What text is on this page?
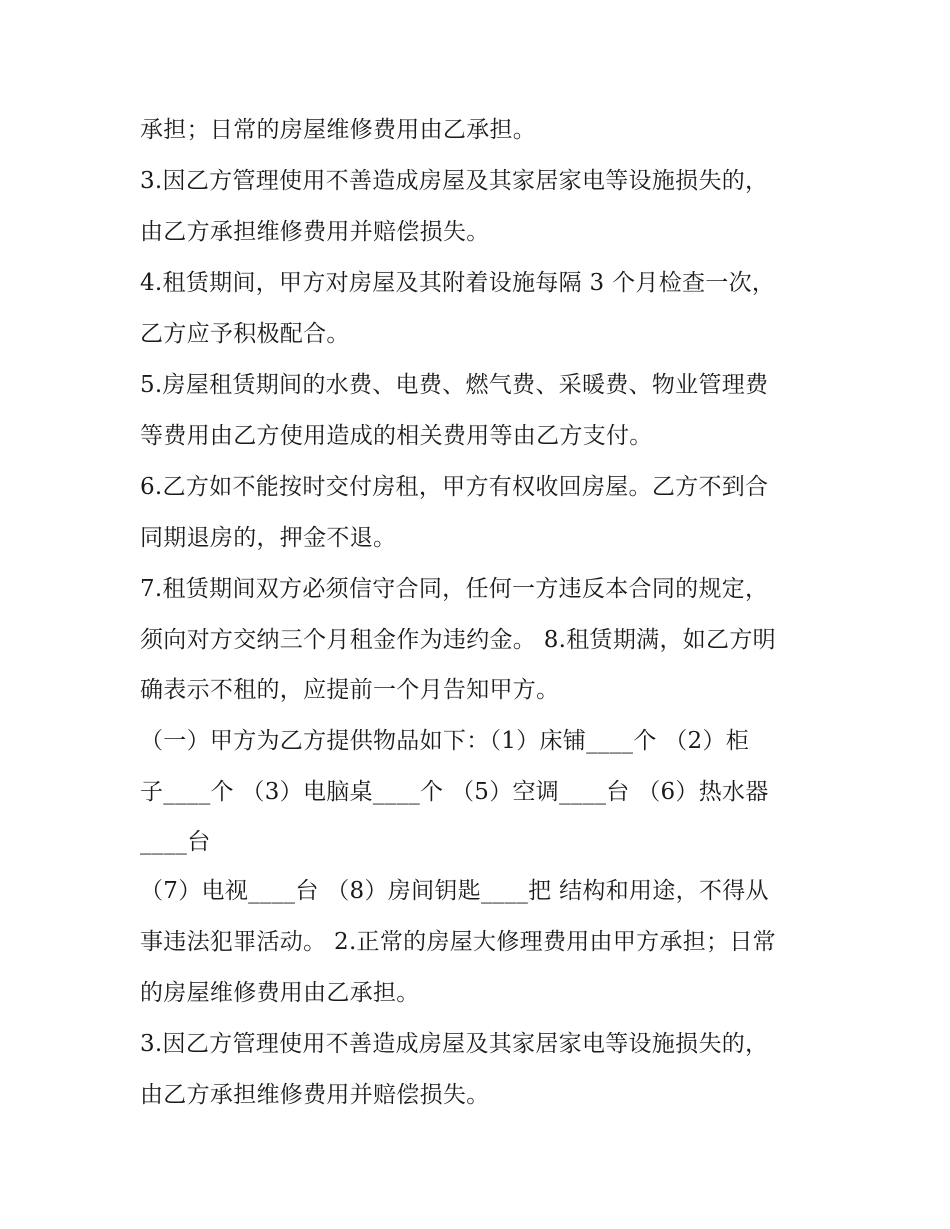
承担；日常的房屋维修费用由乙承担。
3.因乙方管理使用不善造成房屋及其家居家电等设施损失的，
由乙方承担维修费用并赔偿损失。
4.租赁期间，甲方对房屋及其附着设施每隔 3 个月检查一次，
乙方应予积极配合。
5.房屋租赁期间的水费、电费、燃气费、采暖费、物业管理费
等费用由乙方使用造成的相关费用等由乙方支付。
6.乙方如不能按时交付房租，甲方有权收回房屋。乙方不到合
同期退房的，押金不退。
7.租赁期间双方必须信守合同，任何一方违反本合同的规定，
须向对方交纳三个月租金作为违约金。 8.租赁期满，如乙方明
确表示不租的，应提前一个月告知甲方。
（一）甲方为乙方提供物品如下：（1）床铺____个 （2）柜
子____个 （3）电脑桌____个 （5）空调____台 （6）热水器
____台
（7）电视____台 （8）房间钥匙____把 结构和用途，不得从
事违法犯罪活动。 2.正常的房屋大修理费用由甲方承担；日常
的房屋维修费用由乙承担。
3.因乙方管理使用不善造成房屋及其家居家电等设施损失的，
由乙方承担维修费用并赔偿损失。
